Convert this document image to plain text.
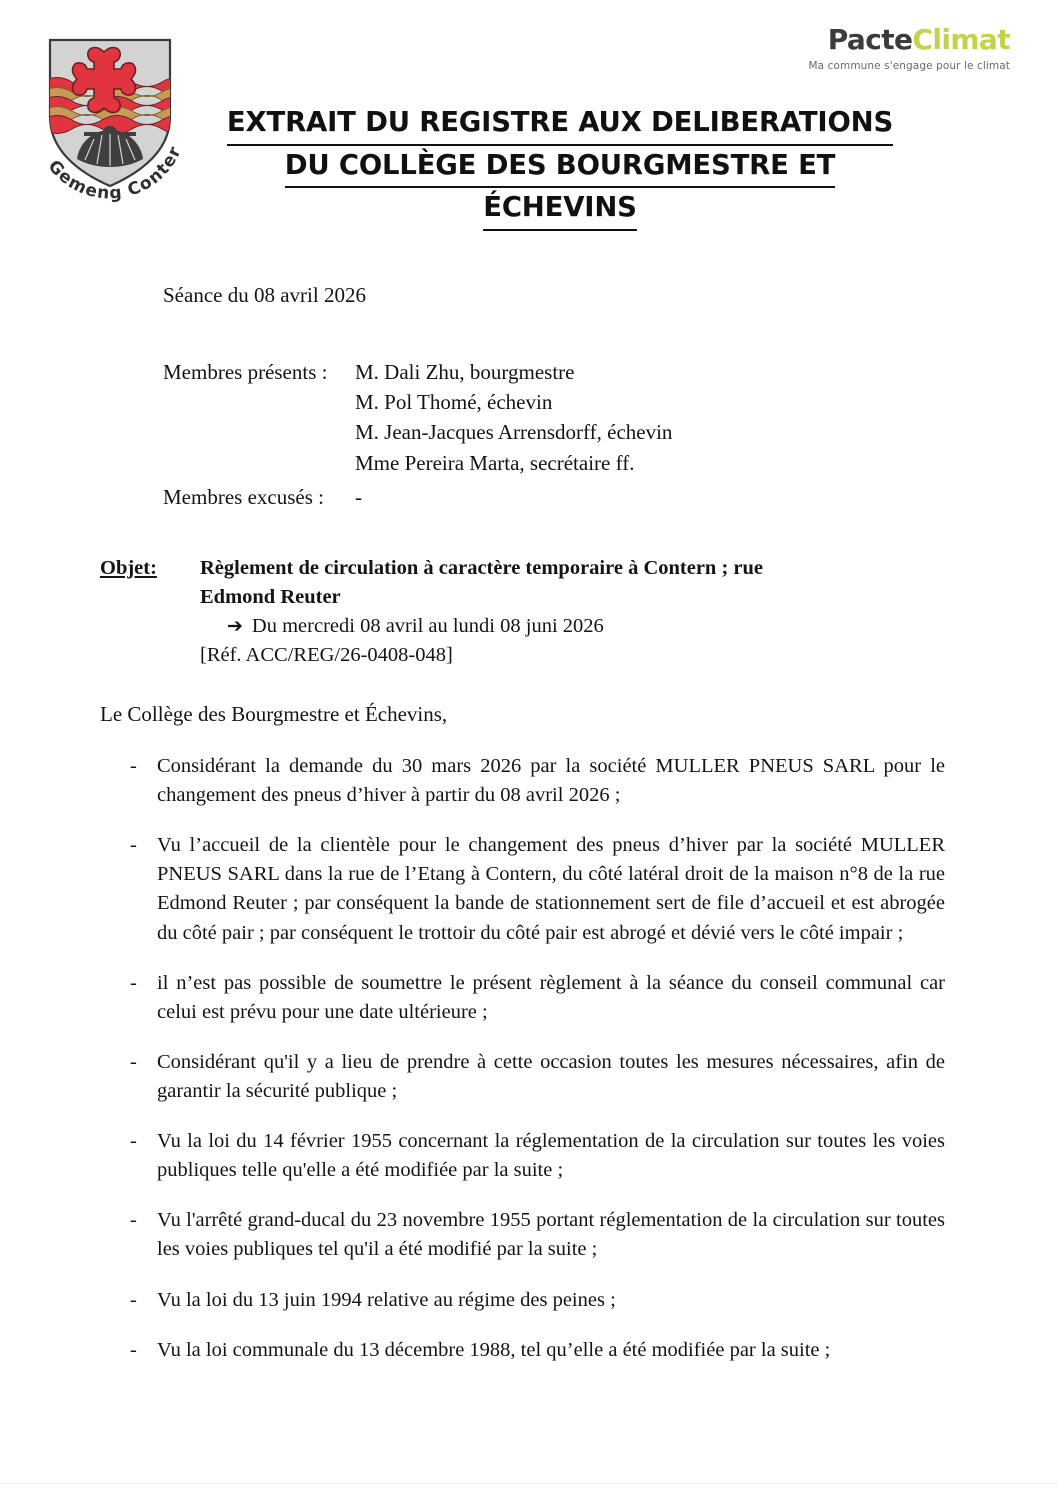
Gemeng Conter
PacteClimat
Ma commune s'engage pour le climat
EXTRAIT DU REGISTRE AUX DELIBERATIONS
DU COLLÈGE DES BOURGMESTRE ET
ÉCHEVINS
Séance du 08 avril 2026
Membres présents :	M. Dali Zhu, bourgmestre
M. Pol Thomé, échevin
M. Jean-Jacques Arrensdorff, échevin
Mme Pereira Marta, secrétaire ff.
Membres excusés :	-
Objet:	Règlement de circulation à caractère temporaire à Contern ; rue Edmond Reuter
➔ Du mercredi 08 avril au lundi 08 juni 2026
[Réf. ACC/REG/26-0408-048]
Le Collège des Bourgmestre et Échevins,
- Considérant la demande du 30 mars 2026 par la société MULLER PNEUS SARL pour le changement des pneus d’hiver à partir du 08 avril 2026 ;
- Vu l’accueil de la clientèle pour le changement des pneus d’hiver par la société MULLER PNEUS SARL dans la rue de l’Etang à Contern, du côté latéral droit de la maison n°8 de la rue Edmond Reuter ; par conséquent la bande de stationnement sert de file d’accueil et est abrogée du côté pair ; par conséquent le trottoir du côté pair est abrogé et dévié vers le côté impair ;
- il n’est pas possible de soumettre le présent règlement à la séance du conseil communal car celui est prévu pour une date ultérieure ;
- Considérant qu'il y a lieu de prendre à cette occasion toutes les mesures nécessaires, afin de garantir la sécurité publique ;
- Vu la loi du 14 février 1955 concernant la réglementation de la circulation sur toutes les voies publiques telle qu'elle a été modifiée par la suite ;
- Vu l'arrêté grand-ducal du 23 novembre 1955 portant réglementation de la circulation sur toutes les voies publiques tel qu'il a été modifié par la suite ;
- Vu la loi du 13 juin 1994 relative au régime des peines ;
- Vu la loi communale du 13 décembre 1988, tel qu’elle a été modifiée par la suite ;
